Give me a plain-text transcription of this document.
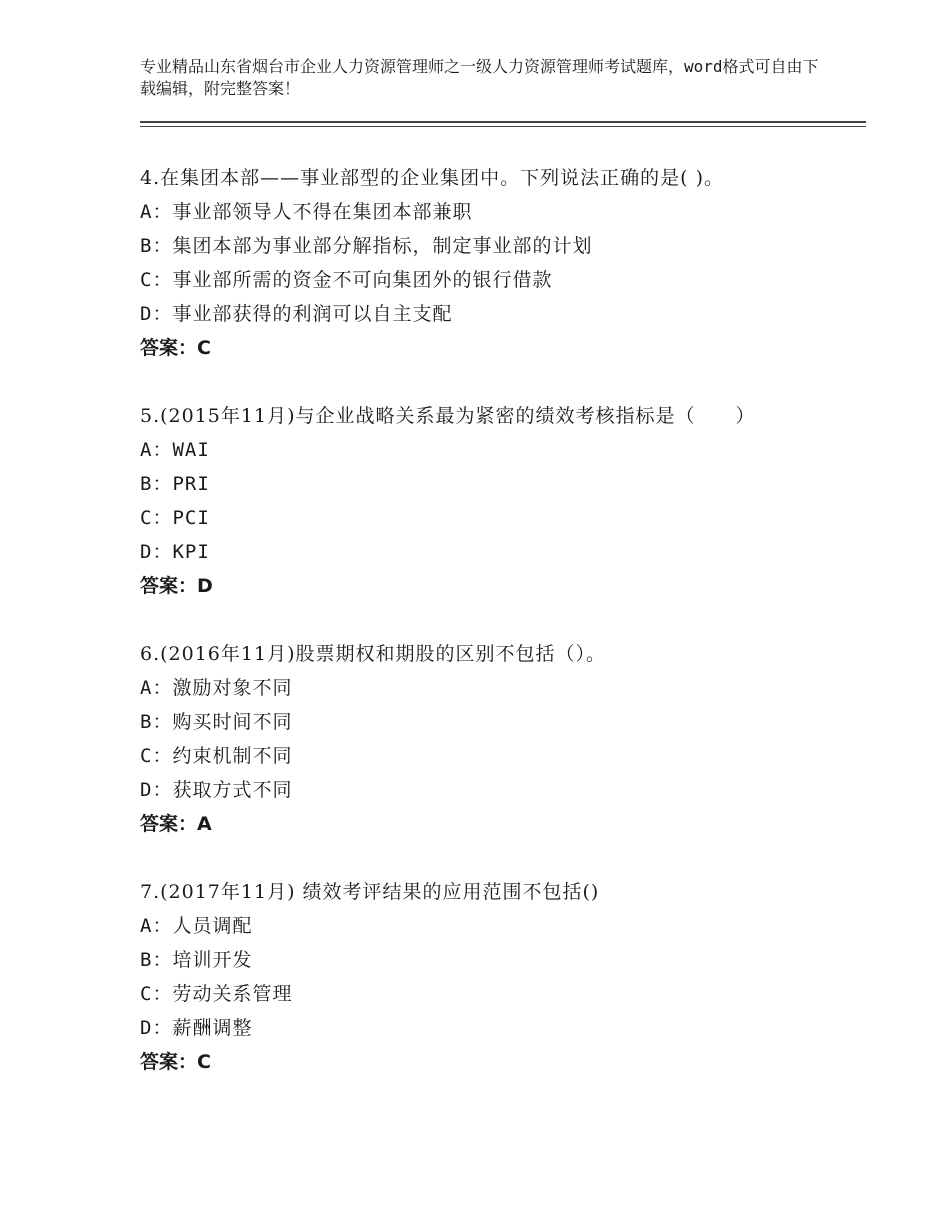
专业精品山东省烟台市企业人力资源管理师之一级人力资源管理师考试题库，word格式可自由下载编辑，附完整答案！

4.在集团本部——事业部型的企业集团中。下列说法正确的是( )。
A：事业部领导人不得在集团本部兼职
B：集团本部为事业部分解指标，制定事业部的计划
C：事业部所需的资金不可向集团外的银行借款
D：事业部获得的利润可以自主支配
答案：C
5.(2015年11月)与企业战略关系最为紧密的绩效考核指标是（　　）
A：WAI
B：PRI
C：PCI
D：KPI
答案：D
6.(2016年11月)股票期权和期股的区别不包括（）。
A：激励对象不同
B：购买时间不同
C：约束机制不同
D：获取方式不同
答案：A
7.(2017年11月) 绩效考评结果的应用范围不包括()
A：人员调配
B：培训开发
C：劳动关系管理
D：薪酬调整
答案：C
